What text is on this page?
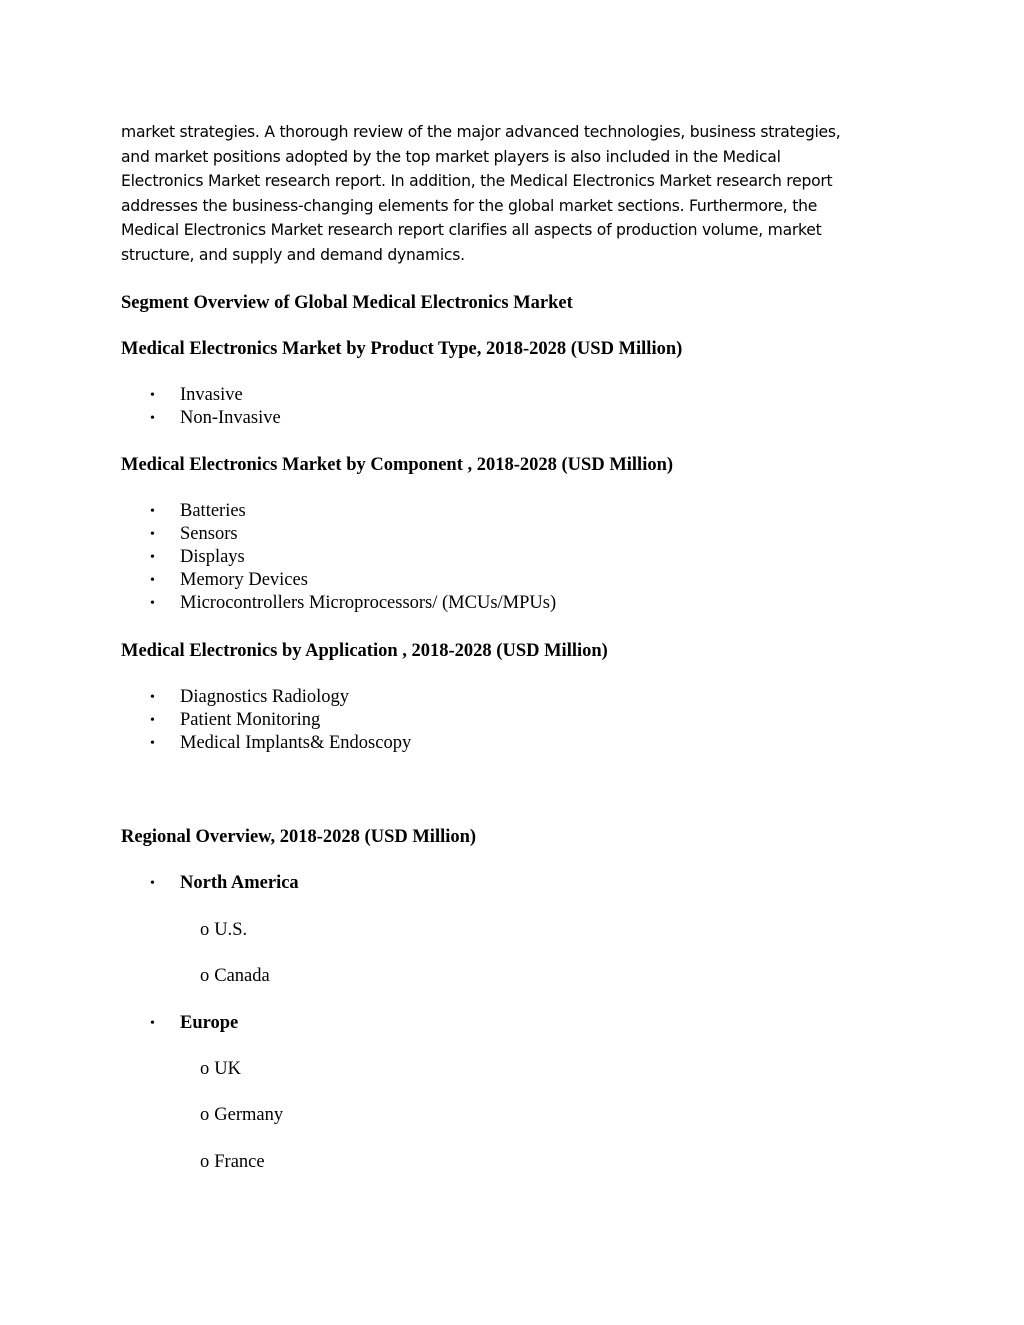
market strategies. A thorough review of the major advanced technologies, business strategies,
and market positions adopted by the top market players is also included in the Medical
Electronics Market research report. In addition, the Medical Electronics Market research report
addresses the business-changing elements for the global market sections. Furthermore, the
Medical Electronics Market research report clarifies all aspects of production volume, market
structure, and supply and demand dynamics.
Segment Overview of Global Medical Electronics Market
Medical Electronics Market by Product Type, 2018-2028 (USD Million)
• Invasive
• Non-Invasive
Medical Electronics Market by Component , 2018-2028 (USD Million)
• Batteries
• Sensors
• Displays
• Memory Devices
• Microcontrollers Microprocessors/ (MCUs/MPUs)
Medical Electronics by Application , 2018-2028 (USD Million)
• Diagnostics Radiology
• Patient Monitoring
• Medical Implants& Endoscopy
Regional Overview, 2018-2028 (USD Million)
• North America
o U.S.
o Canada
• Europe
o UK
o Germany
o France
